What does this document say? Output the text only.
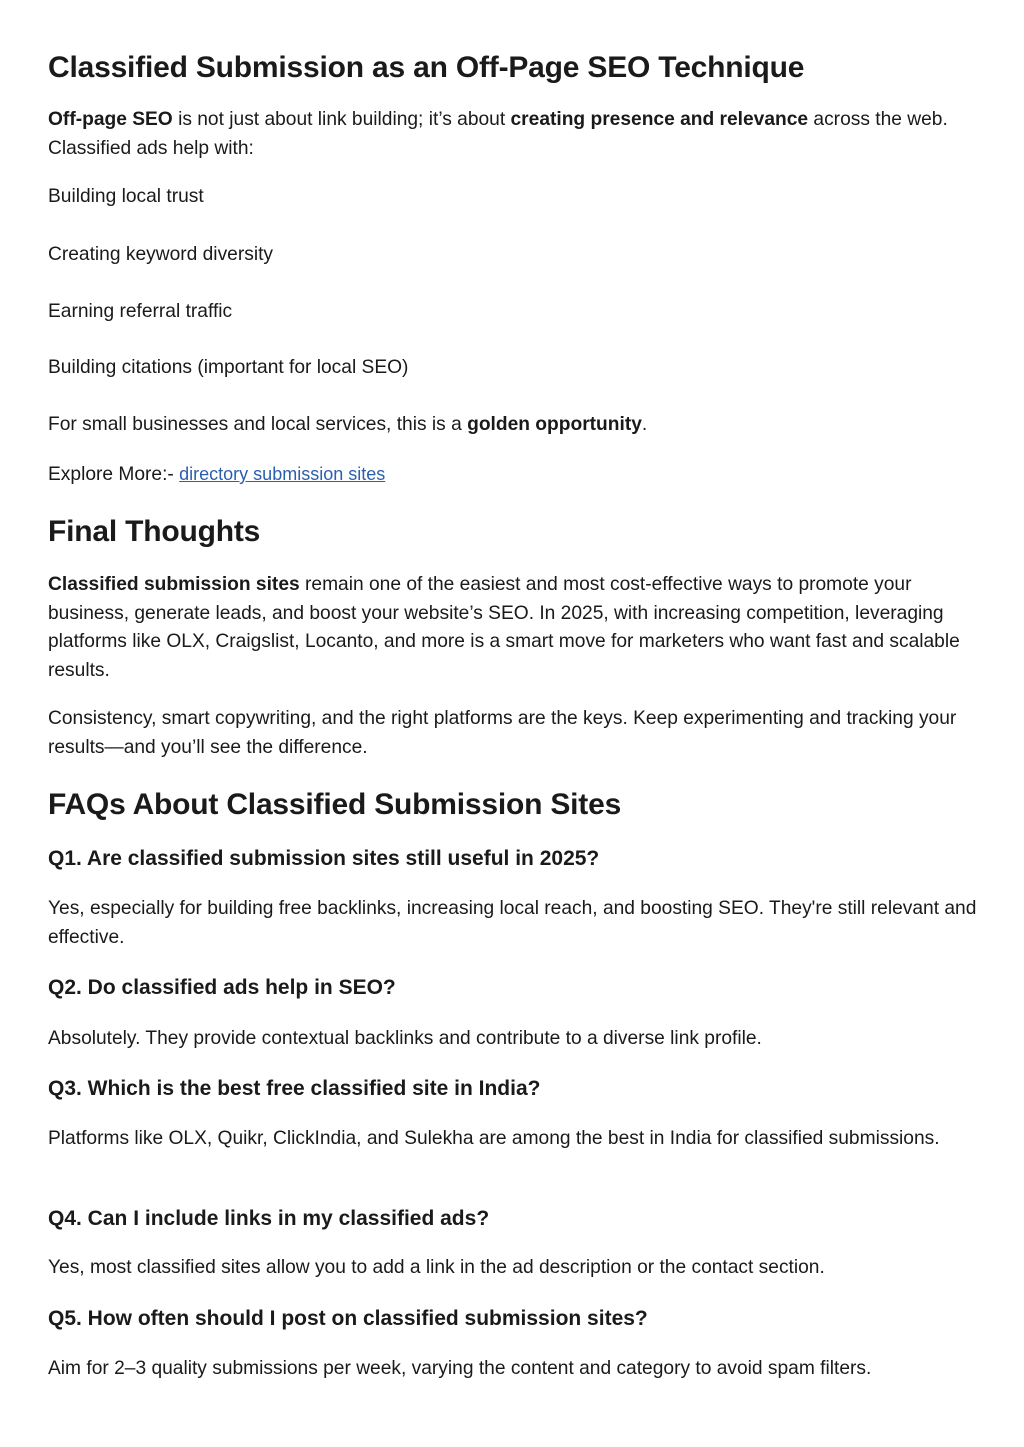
Classified Submission as an Off-Page SEO Technique

Off-page SEO is not just about link building; it’s about creating presence and relevance across the web. Classified ads help with:

Building local trust

Creating keyword diversity

Earning referral traffic

Building citations (important for local SEO)

For small businesses and local services, this is a golden opportunity.

Explore More:- directory submission sites

Final Thoughts

Classified submission sites remain one of the easiest and most cost-effective ways to promote your business, generate leads, and boost your website’s SEO. In 2025, with increasing competition, leveraging platforms like OLX, Craigslist, Locanto, and more is a smart move for marketers who want fast and scalable results.

Consistency, smart copywriting, and the right platforms are the keys. Keep experimenting and tracking your results—and you’ll see the difference.

FAQs About Classified Submission Sites
Q1. Are classified submission sites still useful in 2025?

Yes, especially for building free backlinks, increasing local reach, and boosting SEO. They're still relevant and effective.

Q2. Do classified ads help in SEO?

Absolutely. They provide contextual backlinks and contribute to a diverse link profile.

Q3. Which is the best free classified site in India?

Platforms like OLX, Quikr, ClickIndia, and Sulekha are among the best in India for classified submissions.

Q4. Can I include links in my classified ads?

Yes, most classified sites allow you to add a link in the ad description or the contact section.

Q5. How often should I post on classified submission sites?

Aim for 2–3 quality submissions per week, varying the content and category to avoid spam filters.
